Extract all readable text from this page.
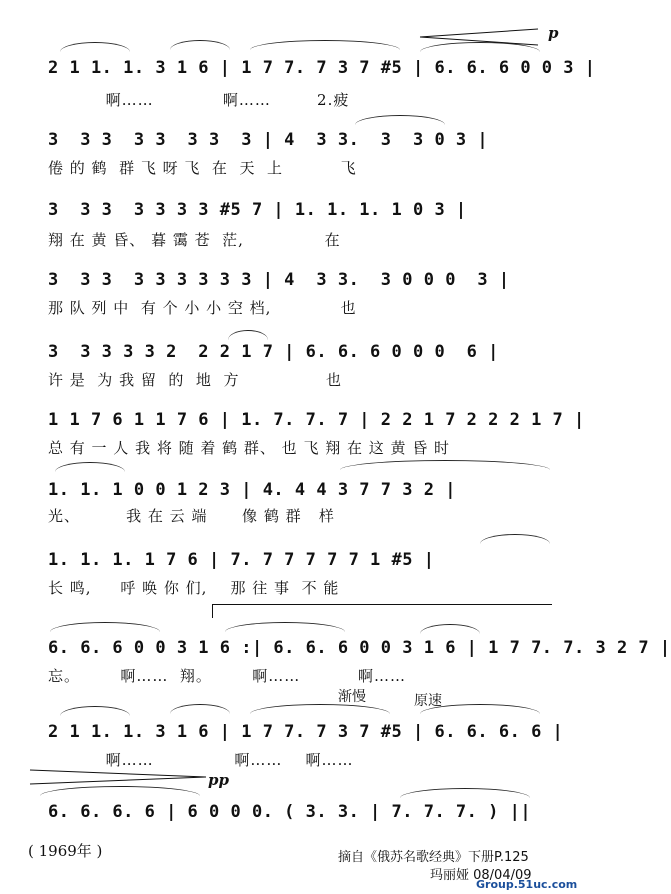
p
pp
渐慢	原速
2 1 1. 1. 3 1 6 | 1 7 7. 7 3 7 #5 | 6. 6. 6 0 0 3 |
啊……            啊……        2.疲
3  3 3  3 3  3 3  3 | 4  3 3.  3  3 0 3 |
倦 的 鹤  群 飞 呀 飞  在  天  上          飞
3  3 3  3 3 3 3 #5 7 | 1. 1. 1. 1 0 3 |
翔 在 黄 昏、 暮 霭 苍  茫,              在
3  3 3  3 3 3 3 3 3 | 4  3 3.  3 0 0 0  3 |
那 队 列 中  有 个 小 小 空 档,            也
3  3 3 3 3 2  2 2 1 7 | 6. 6. 6 0 0 0  6 |
许 是  为 我 留  的  地  方               也
1 1 7 6 1 1 7 6 | 1. 7. 7. 7 | 2 2 1 7 2 2 2 1 7 |
总 有 一 人 我 将 随 着 鹤 群、 也 飞 翔 在 这 黄 昏 时
1. 1. 1 0 0 1 2 3 | 4. 4 4 3 7 7 3 2 |
光、        我 在 云 端      像 鹤 群   样
1. 1. 1. 1 7 6 | 7. 7 7 7 7 7 1 #5 |
长 鸣,     呼 唤 你 们,    那 往 事  不 能
6. 6. 6 0 0 3 1 6 :| 6. 6. 6 0 0 3 1 6 | 1 7 7. 7. 3 2 7 |
忘。       啊……  翔。       啊……          啊……
2 1 1. 1. 3 1 6 | 1 7 7. 7 3 7 #5 | 6. 6. 6. 6 |
啊……              啊……    啊……
6. 6. 6. 6 | 6 0 0 0. ( 3. 3. | 7. 7. 7. ) ||
( 1969年 )	摘自《俄苏名歌经典》下册P.125
玛丽娅 08/04/09
Group.51uc.com
